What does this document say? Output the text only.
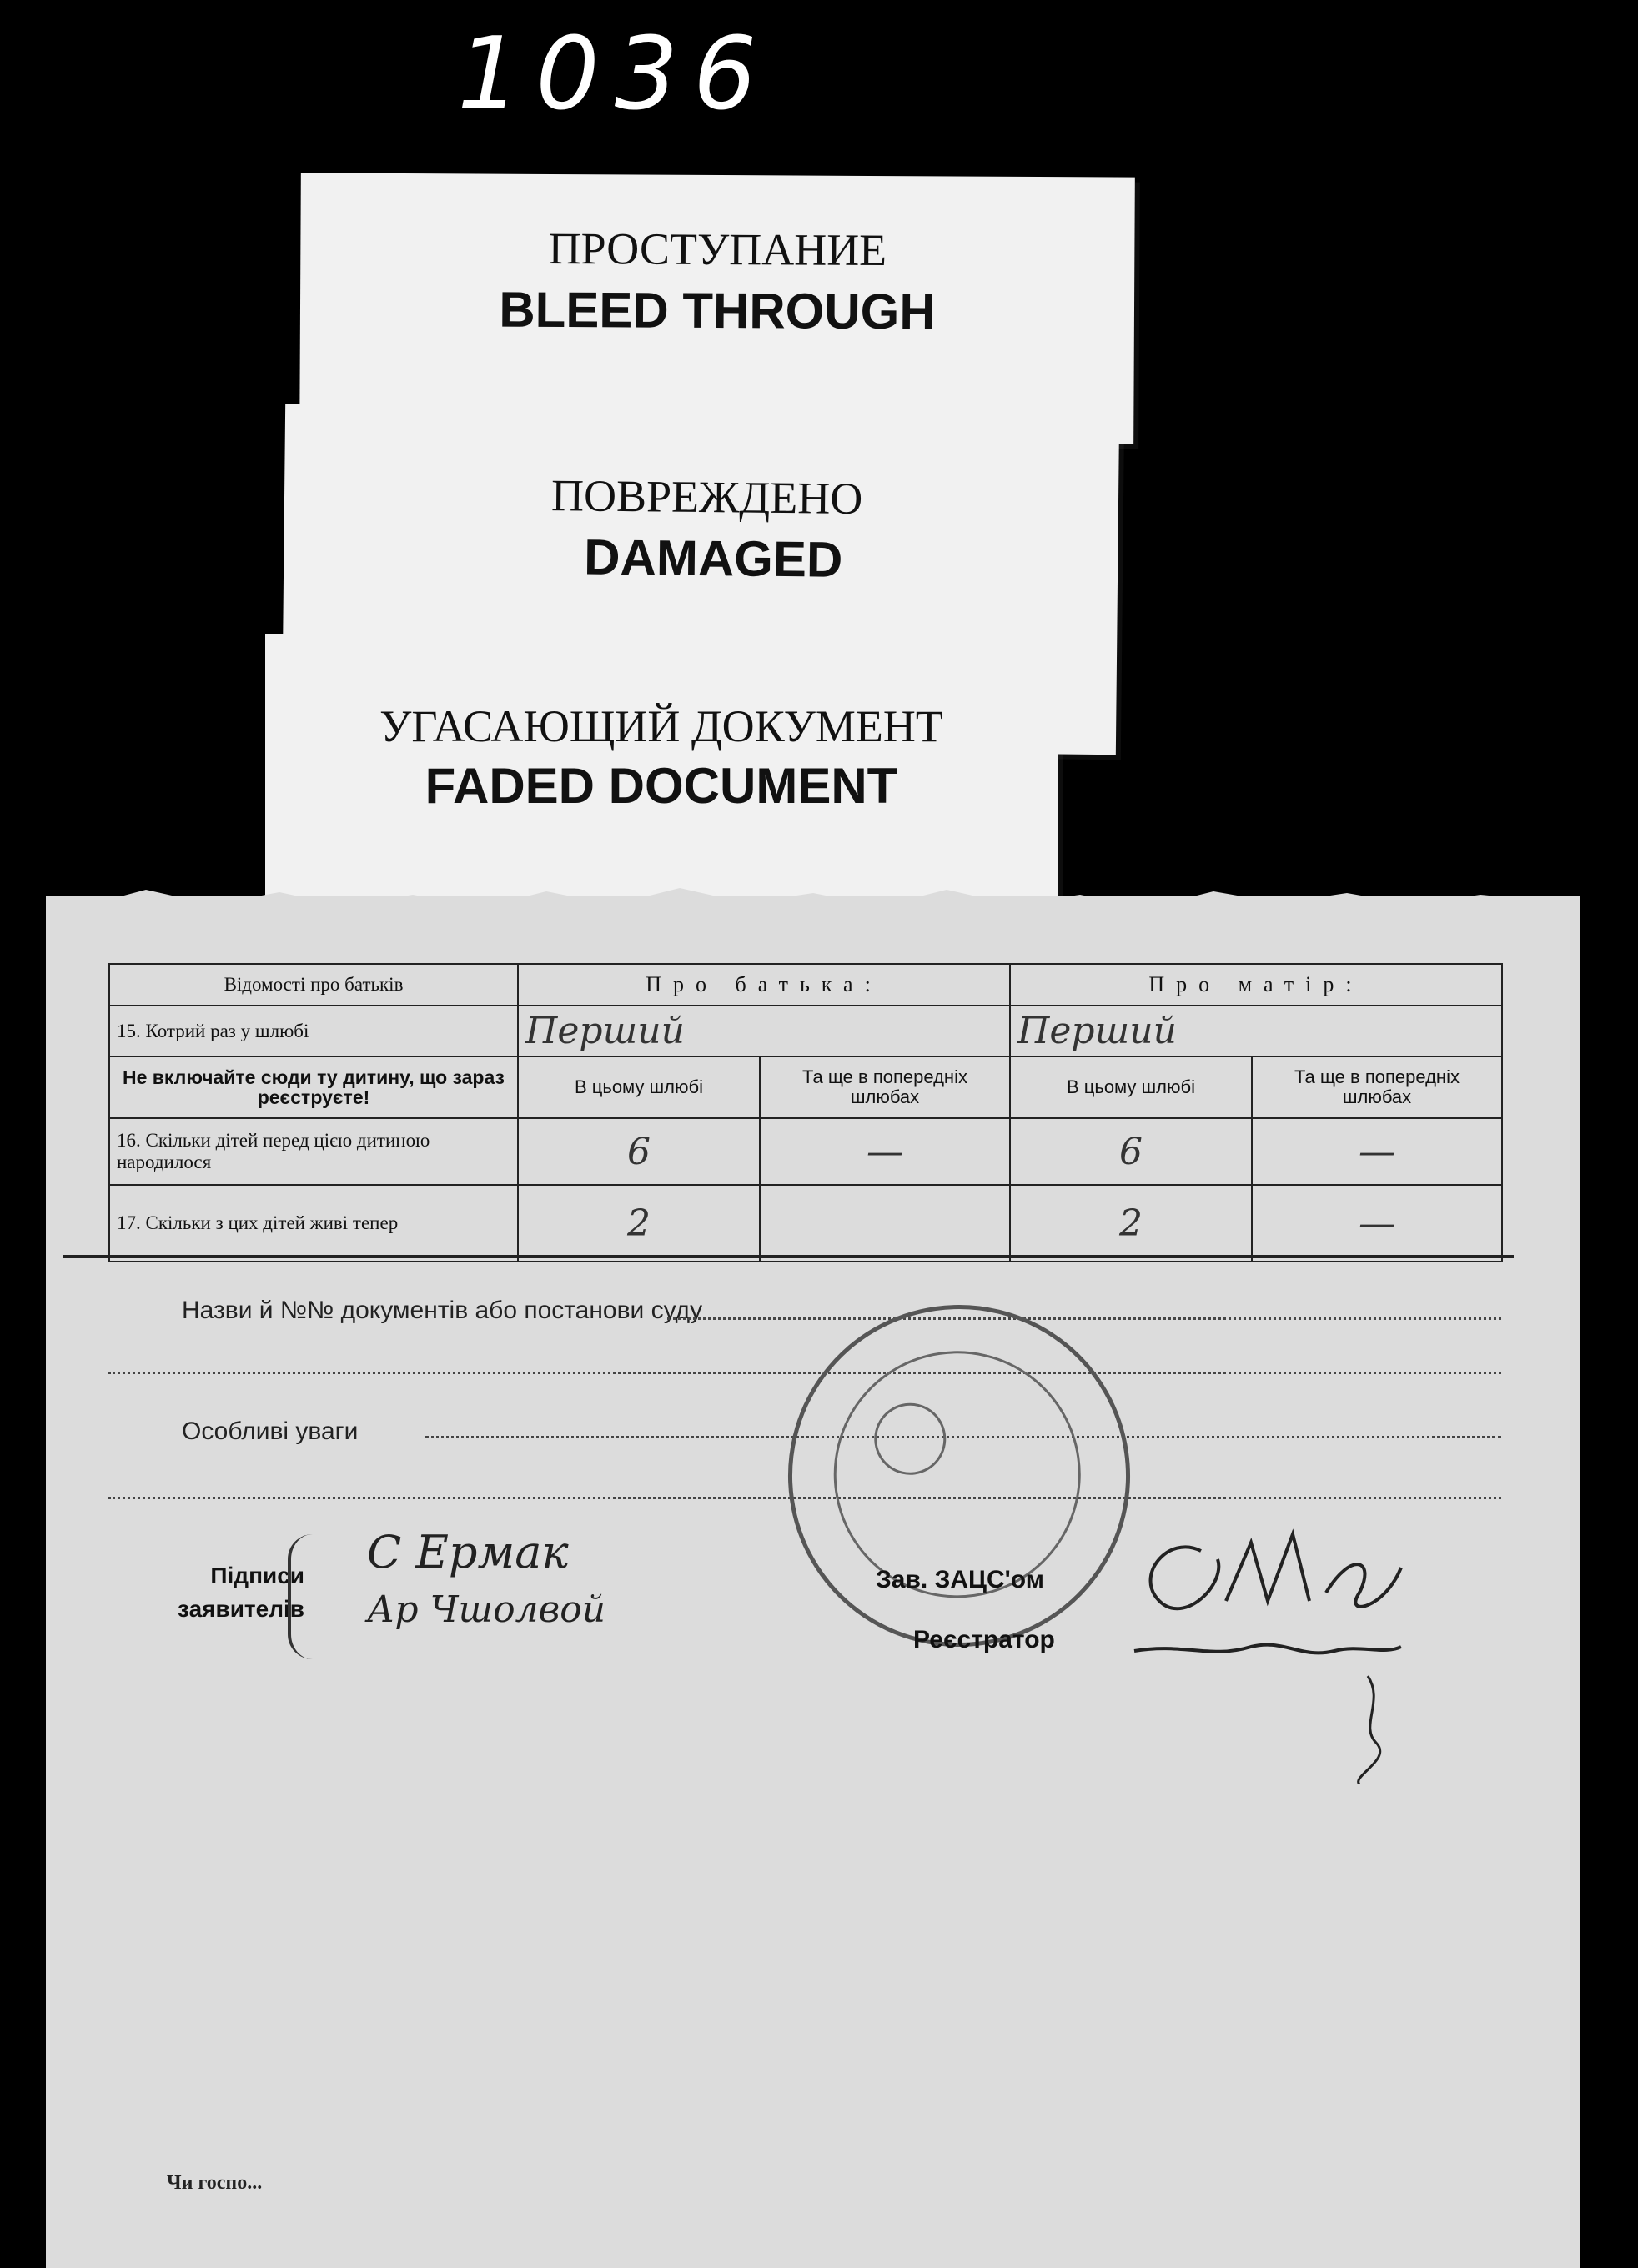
1036
ПРОСТУПАНИЕ
BLEED THROUGH
ПОВРЕЖДЕНО
DAMAGED
УГАСАЮЩИЙ ДОКУМЕНТ
FADED DOCUMENT
Відомості про батьків	Про батька:		Про матір:	
15. Котрий раз у шлюбі	Перший		Перший	
Не включайте сюди ту дитину, що зараз реєструєте!	В цьому шлюбі	Та ще в попередніх шлюбах	В цьому шлюбі	Та ще в попередніх шлюбах
16. Скільки дітей перед цією дитиною народилося	6	—	6	—
17. Скільки з цих дітей живі тепер	2		2	—
Назви й №№ документів або постанови суду
Особливі уваги
Підписи заявителів
С Ермак
Ар Чшолвой
Зав. ЗАЦС'ом
Реєстратор
Чи госпо...
